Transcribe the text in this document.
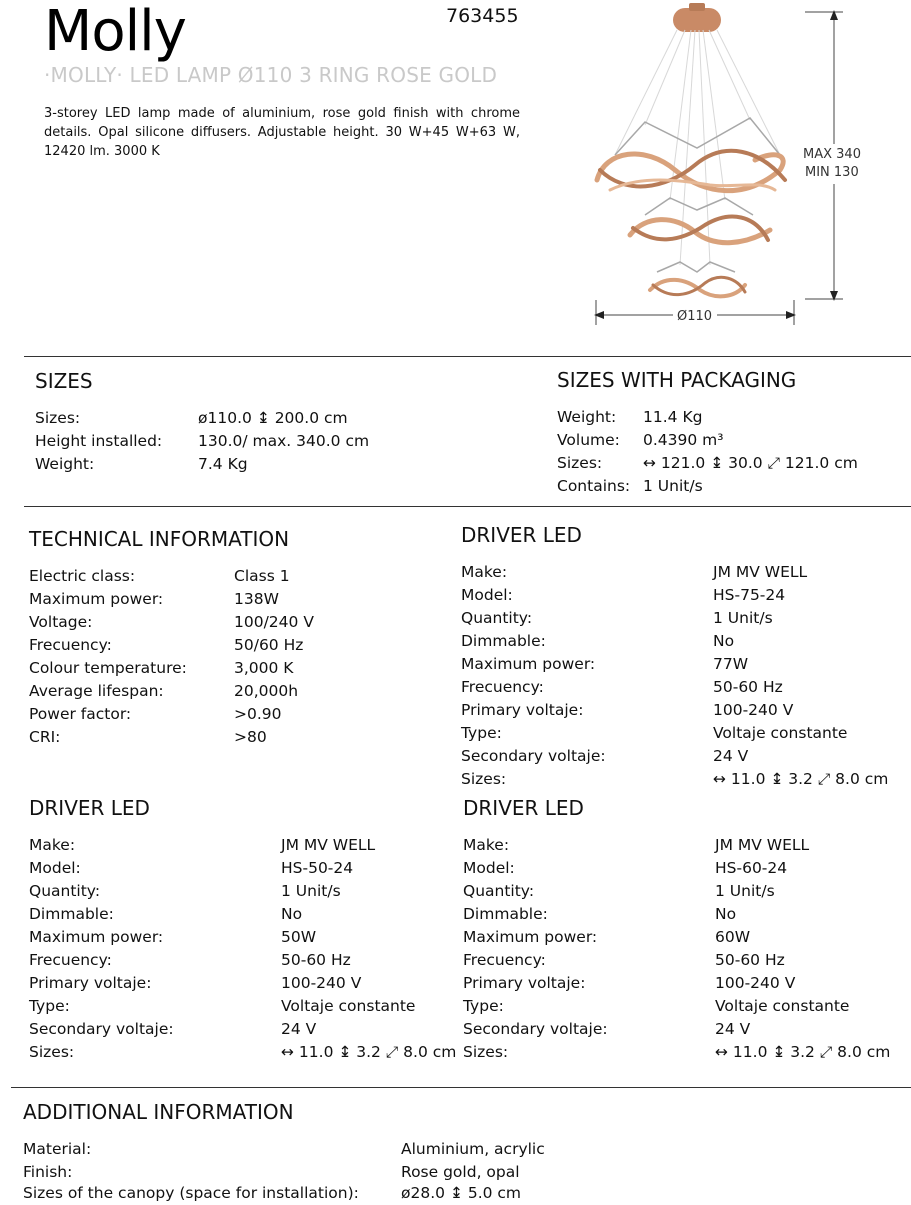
Molly	763455
·MOLLY· LED LAMP Ø110 3 RING ROSE GOLD
3-storey LED lamp made of aluminium, rose gold finish with chrome details. Opal silicone diffusers. Adjustable height. 30 W+45 W+63 W, 12420 lm. 3000 K	MAX 340
MIN 130
Ø110
SIZES
Sizes:	ø110.0 ↨ 200.0 cm
Height installed: 130.0/ max. 340.0 cm
Weight:	7.4 Kg
SIZES WITH PACKAGING
Weight: 11.4 Kg
Volume: 0.4390 m³
Sizes:	↔ 121.0 ↨ 30.0 ⤢ 121.0 cm
Contains: 1 Unit/s
TECHNICAL INFORMATION
Electric class:	Class 1
Maximum power:	138W
Voltage:	100/240 V
Frecuency:	50/60 Hz
Colour temperature:	3,000 K
Average lifespan:	20,000h
Power factor:	>0.90
CRI:	>80
DRIVER LED
Make:	JM MV WELL
Model:	HS-75-24
Quantity:	1 Unit/s
Dimmable:	No
Maximum power:	77W
Frecuency:	50-60 Hz
Primary voltaje:	100-240 V
Type:	Voltaje constante
Secondary voltaje:	24 V
Sizes:	↔ 11.0 ↨ 3.2 ⤢ 8.0 cm
DRIVER LED
Make:	JM MV WELL
Model:	HS-50-24
Quantity:	1 Unit/s
Dimmable:	No
Maximum power:	50W
Frecuency:	50-60 Hz
Primary voltaje:	100-240 V
Type:	Voltaje constante
Secondary voltaje:	24 V
Sizes:	↔ 11.0 ↨ 3.2 ⤢ 8.0 cm
DRIVER LED
Make:	JM MV WELL
Model:	HS-60-24
Quantity:	1 Unit/s
Dimmable:	No
Maximum power:	60W
Frecuency:	50-60 Hz
Primary voltaje:	100-240 V
Type:	Voltaje constante
Secondary voltaje:	24 V
Sizes:	↔ 11.0 ↨ 3.2 ⤢ 8.0 cm
ADDITIONAL INFORMATION
Material:	Aluminium, acrylic
Finish:	Rose gold, opal
Sizes of the canopy (space for installation):	ø28.0 ↨ 5.0 cm
